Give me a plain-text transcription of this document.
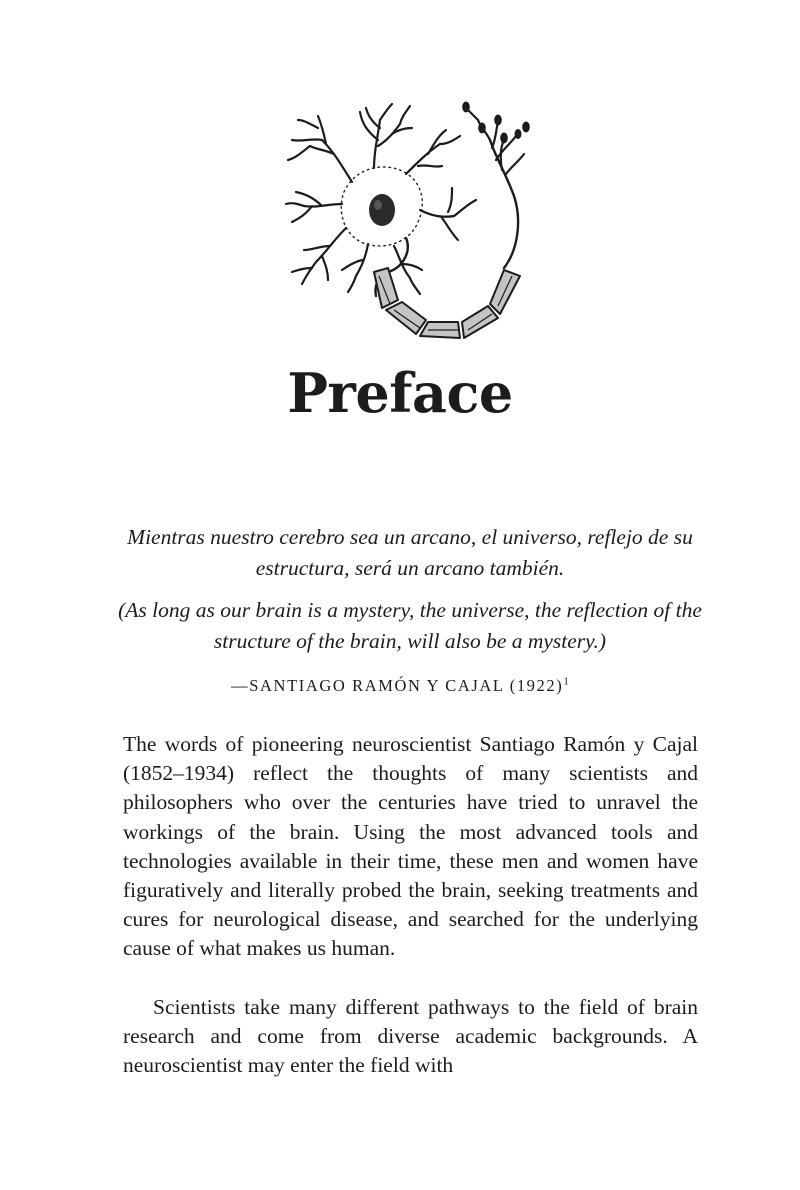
Preface

Mientras nuestro cerebro sea un arcano, el universo, reflejo de su estructura, será un arcano también.

(As long as our brain is a mystery, the universe, the reflection of the structure of the brain, will also be a mystery.)

—SANTIAGO RAMÓN Y CAJAL $(1922)^1$

The words of pioneering neuroscientist Santiago Ramón y Cajal (1852–1934) reflect the thoughts of many scientists and philosophers who over the centuries have tried to unravel the workings of the brain. Using the most advanced tools and technologies available in their time, these men and women have figuratively and literally probed the brain, seeking treatments and cures for neurological disease, and searched for the underlying cause of what makes us human.

Scientists take many different pathways to the field of brain research and come from diverse academic backgrounds. A neuroscientist may enter the field with
